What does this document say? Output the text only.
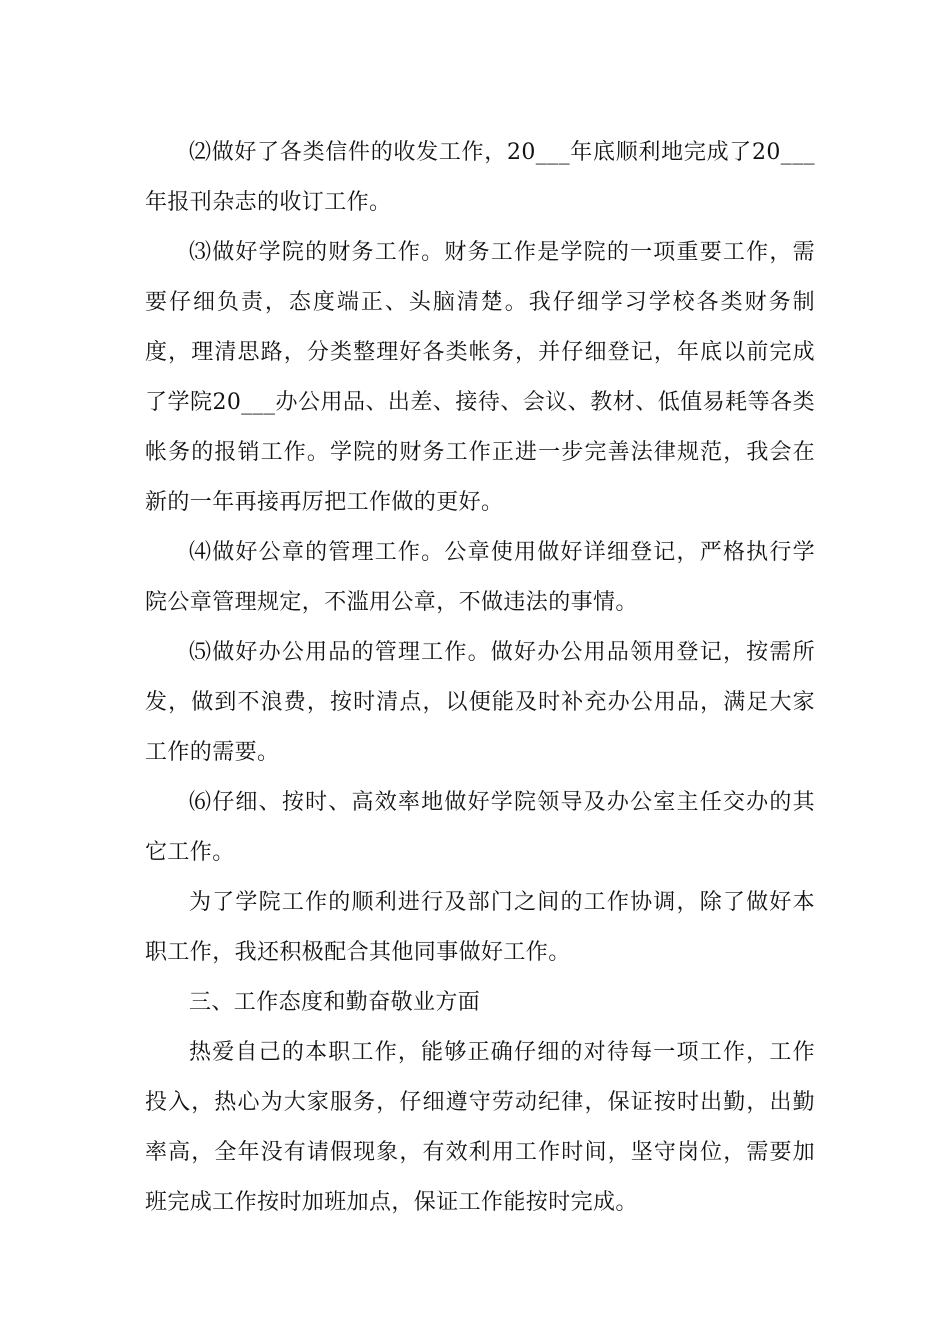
⑵做好了各类信件的收发工作，20___年底顺利地完成了20___年报刊杂志的收订工作。

⑶做好学院的财务工作。财务工作是学院的一项重要工作，需要仔细负责，态度端正、头脑清楚。我仔细学习学校各类财务制度，理清思路，分类整理好各类帐务，并仔细登记，年底以前完成了学院20___办公用品、出差、接待、会议、教材、低值易耗等各类帐务的报销工作。学院的财务工作正进一步完善法律规范，我会在新的一年再接再厉把工作做的更好。

⑷做好公章的管理工作。公章使用做好详细登记，严格执行学院公章管理规定，不滥用公章，不做违法的事情。

⑸做好办公用品的管理工作。做好办公用品领用登记，按需所发，做到不浪费，按时清点，以便能及时补充办公用品，满足大家工作的需要。

⑹仔细、按时、高效率地做好学院领导及办公室主任交办的其它工作。

为了学院工作的顺利进行及部门之间的工作协调，除了做好本职工作，我还积极配合其他同事做好工作。

三、工作态度和勤奋敬业方面

热爱自己的本职工作，能够正确仔细的对待每一项工作，工作投入，热心为大家服务，仔细遵守劳动纪律，保证按时出勤，出勤率高，全年没有请假现象，有效利用工作时间，坚守岗位，需要加班完成工作按时加班加点，保证工作能按时完成。
